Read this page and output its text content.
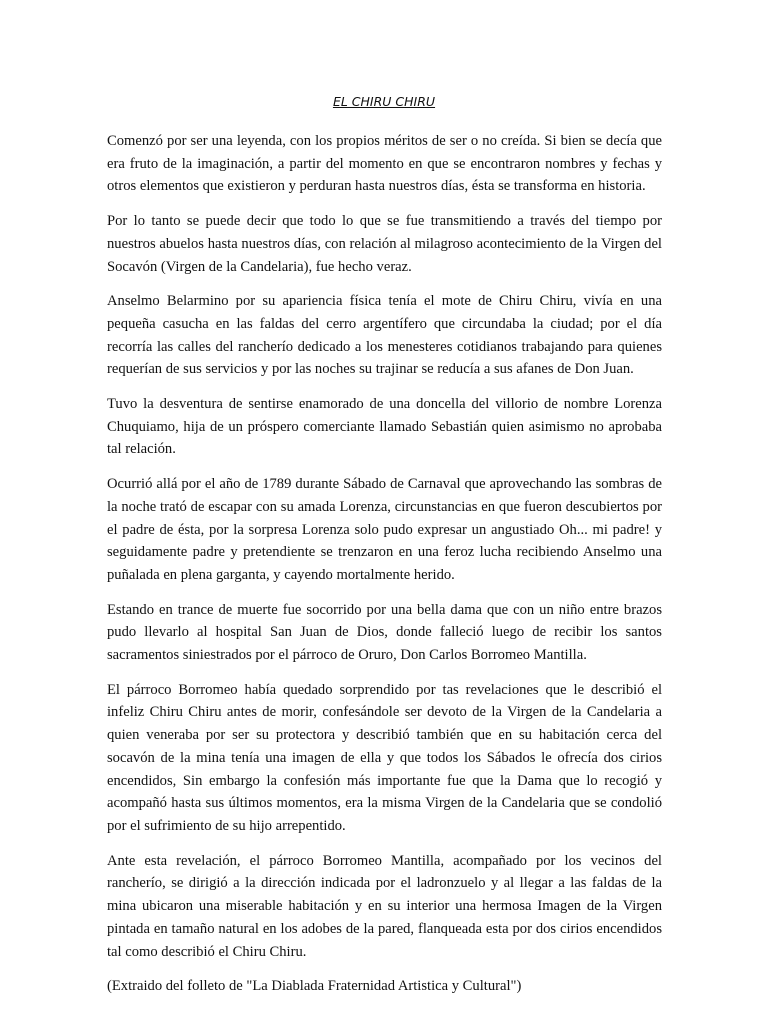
EL CHIRU CHIRU

Comenzó por ser una leyenda, con los propios méritos de ser o no creída. Si bien se decía que era fruto de la imaginación, a partir del momento en que se encontraron nombres y fechas y otros elementos que existieron y perduran hasta nuestros días, ésta se transforma en historia.

Por lo tanto se puede decir que todo lo que se fue transmitiendo a través del tiempo por nuestros abuelos hasta nuestros días, con relación al milagroso acontecimiento de la Virgen del Socavón (Virgen de la Candelaria), fue hecho veraz.

Anselmo Belarmino por su apariencia física tenía el mote de Chiru Chiru, vivía en una pequeña casucha en las faldas del cerro argentífero que circundaba la ciudad; por el día recorría las calles del rancherío dedicado a los menesteres cotidianos trabajando para quienes requerían de sus servicios y por las noches su trajinar se reducía a sus afanes de Don Juan.

Tuvo la desventura de sentirse enamorado de una doncella del villorio de nombre Lorenza Chuquiamo, hija de un próspero comerciante llamado Sebastián quien asimismo no aprobaba tal relación.

Ocurrió allá por el año de 1789 durante Sábado de Carnaval que aprovechando las sombras de la noche trató de escapar con su amada Lorenza, circunstancias en que fueron descubiertos por el padre de ésta, por la sorpresa Lorenza solo pudo expresar un angustiado Oh... mi padre! y seguidamente padre y pretendiente se trenzaron en una feroz lucha recibiendo Anselmo una puñalada en plena garganta, y cayendo mortalmente herido.

Estando en trance de muerte fue socorrido por una bella dama que con un niño entre brazos pudo llevarlo al hospital San Juan de Dios, donde falleció luego de recibir los santos sacramentos siniestrados por el párroco de Oruro, Don Carlos Borromeo Mantilla.

El párroco Borromeo había quedado sorprendido por tas revelaciones que le describió el infeliz Chiru Chiru antes de morir, confesándole ser devoto de la Virgen de la Candelaria a quien veneraba por ser su protectora y describió también que en su habitación cerca del socavón de la mina tenía una imagen de ella y que todos los Sábados le ofrecía dos cirios encendidos, Sin embargo la confesión más importante fue que la Dama que lo recogió y acompañó hasta sus últimos momentos, era la misma Virgen de la Candelaria que se condolió por el sufrimiento de su hijo arrepentido.

Ante esta revelación, el párroco Borromeo Mantilla, acompañado por los vecinos del rancherío, se dirigió a la dirección indicada por el ladronzuelo y al llegar a las faldas de la mina ubicaron una miserable habitación y en su interior una hermosa Imagen de la Virgen pintada en tamaño natural en los adobes de la pared, flanqueada esta por dos cirios encendidos tal como describió el Chiru Chiru.

(Extraido del folleto de "La Diablada Fraternidad Artistica y Cultural")
